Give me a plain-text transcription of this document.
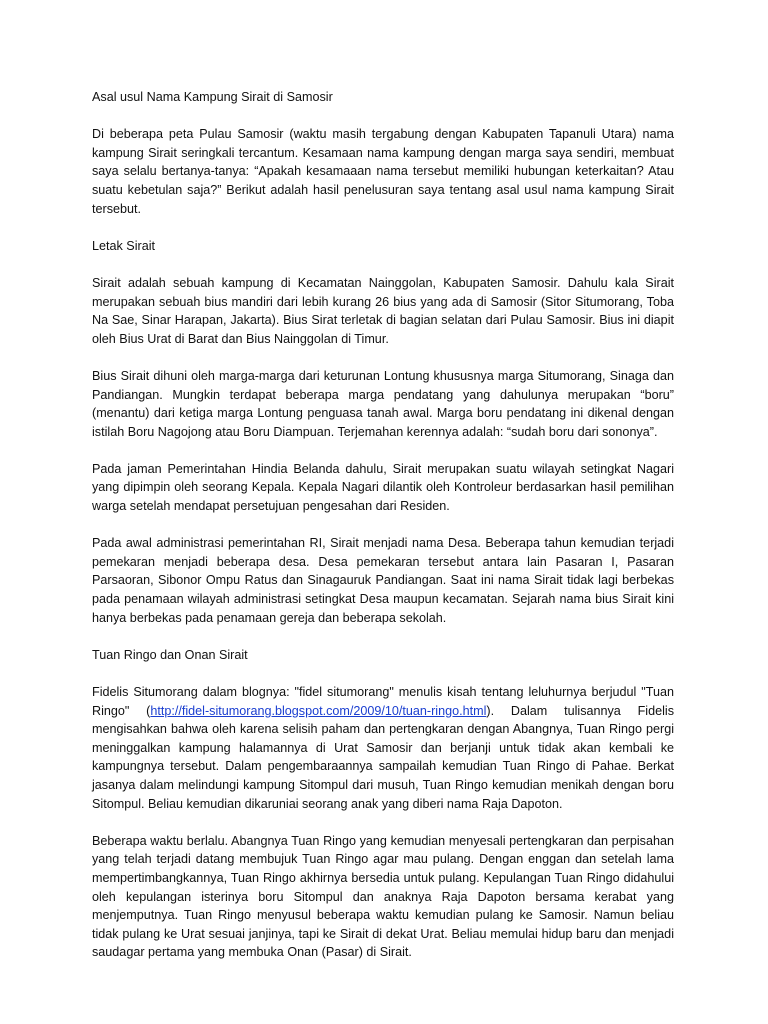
Asal usul Nama Kampung Sirait di Samosir

Di beberapa peta Pulau Samosir (waktu masih tergabung dengan Kabupaten Tapanuli Utara) nama kampung Sirait seringkali tercantum. Kesamaan nama kampung dengan marga saya sendiri, membuat saya selalu bertanya-tanya: “Apakah kesamaaan nama tersebut memiliki hubungan keterkaitan? Atau suatu kebetulan saja?” Berikut adalah hasil penelusuran saya tentang asal usul nama kampung Sirait tersebut.

Letak Sirait

Sirait adalah sebuah kampung di Kecamatan Nainggolan, Kabupaten Samosir. Dahulu kala Sirait merupakan sebuah bius mandiri dari lebih kurang 26 bius yang ada di Samosir (Sitor Situmorang, Toba Na Sae, Sinar Harapan, Jakarta). Bius Sirat terletak di bagian selatan dari Pulau Samosir. Bius ini diapit oleh Bius Urat di Barat dan Bius Nainggolan di Timur.

Bius Sirait dihuni oleh marga-marga dari keturunan Lontung khususnya marga Situmorang, Sinaga dan Pandiangan. Mungkin terdapat beberapa marga pendatang yang dahulunya merupakan “boru” (menantu) dari ketiga marga Lontung penguasa tanah awal. Marga boru pendatang ini dikenal dengan istilah Boru Nagojong atau Boru Diampuan. Terjemahan kerennya adalah: “sudah boru dari sononya”.

Pada jaman Pemerintahan Hindia Belanda dahulu, Sirait merupakan suatu wilayah setingkat Nagari yang dipimpin oleh seorang Kepala. Kepala Nagari dilantik oleh Kontroleur berdasarkan hasil pemilihan warga setelah mendapat persetujuan pengesahan dari Residen.

Pada awal administrasi pemerintahan RI, Sirait menjadi nama Desa. Beberapa tahun kemudian terjadi pemekaran menjadi beberapa desa. Desa pemekaran tersebut antara lain Pasaran I, Pasaran Parsaoran, Sibonor Ompu Ratus dan Sinagauruk Pandiangan. Saat ini nama Sirait tidak lagi berbekas pada penamaan wilayah administrasi setingkat Desa maupun kecamatan. Sejarah nama bius Sirait kini hanya berbekas pada penamaan gereja dan beberapa sekolah.

Tuan Ringo dan Onan Sirait

Fidelis Situmorang dalam blognya: "fidel situmorang" menulis kisah tentang leluhurnya berjudul "Tuan Ringo" (http://fidel-situmorang.blogspot.com/2009/10/tuan-ringo.html). Dalam tulisannya Fidelis mengisahkan bahwa oleh karena selisih paham dan pertengkaran dengan Abangnya, Tuan Ringo pergi meninggalkan kampung halamannya di Urat Samosir dan berjanji untuk tidak akan kembali ke kampungnya tersebut. Dalam pengembaraannya sampailah kemudian Tuan Ringo di Pahae. Berkat jasanya dalam melindungi kampung Sitompul dari musuh, Tuan Ringo kemudian menikah dengan boru Sitompul. Beliau kemudian dikaruniai seorang anak yang diberi nama Raja Dapoton.

Beberapa waktu berlalu. Abangnya Tuan Ringo yang kemudian menyesali pertengkaran dan perpisahan yang telah terjadi datang membujuk Tuan Ringo agar mau pulang. Dengan enggan dan setelah lama mempertimbangkannya, Tuan Ringo akhirnya bersedia untuk pulang. Kepulangan Tuan Ringo didahului oleh kepulangan isterinya boru Sitompul dan anaknya Raja Dapoton bersama kerabat yang menjemputnya. Tuan Ringo menyusul beberapa waktu kemudian pulang ke Samosir. Namun beliau tidak pulang ke Urat sesuai janjinya, tapi ke Sirait di dekat Urat. Beliau memulai hidup baru dan menjadi saudagar pertama yang membuka Onan (Pasar) di Sirait.
